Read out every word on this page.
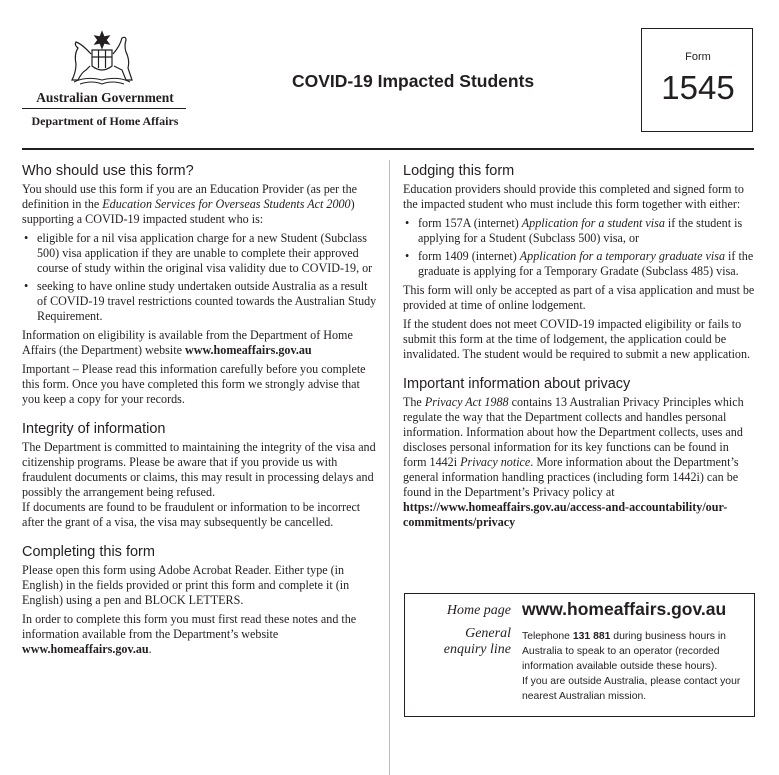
Australian Government
Department of Home Affairs
COVID-19 Impacted Students
Form
1545
Who should use this form?

You should use this form if you are an Education Provider (as per the definition in the Education Services for Overseas Students Act 2000) supporting a COVID-19 impacted student who is:

• eligible for a nil visa application charge for a new Student (Subclass 500) visa application if they are unable to complete their approved course of study within the original visa validity due to COVID-19, or
• seeking to have online study undertaken outside Australia as a result of COVID-19 travel restrictions counted towards the Australian Study Requirement.

Information on eligibility is available from the Department of Home Affairs (the Department) website www.homeaffairs.gov.au

Important – Please read this information carefully before you complete this form. Once you have completed this form we strongly advise that you keep a copy for your records.

Integrity of information

The Department is committed to maintaining the integrity of the visa and citizenship programs. Please be aware that if you provide us with fraudulent documents or claims, this may result in processing delays and possibly the arrangement being refused.

If documents are found to be fraudulent or information to be incorrect after the grant of a visa, the visa may subsequently be cancelled.

Completing this form

Please open this form using Adobe Acrobat Reader. Either type (in English) in the fields provided or print this form and complete it (in English) using a pen and BLOCK LETTERS.

In order to complete this form you must first read these notes and the information available from the Department’s website www.homeaffairs.gov.au.

Lodging this form

Education providers should provide this completed and signed form to the impacted student who must include this form together with either:

• form 157A (internet) Application for a student visa if the student is applying for a Student (Subclass 500) visa, or
• form 1409 (internet) Application for a temporary graduate visa if the graduate is applying for a Temporary Gradate (Subclass 485) visa.

This form will only be accepted as part of a visa application and must be provided at time of online lodgement.

If the student does not meet COVID-19 impacted eligibility or fails to submit this form at the time of lodgement, the application could be invalidated. The student would be required to submit a new application.

Important information about privacy

The Privacy Act 1988 contains 13 Australian Privacy Principles which regulate the way that the Department collects and handles personal information. Information about how the Department collects, uses and discloses personal information for its key functions can be found in form 1442i Privacy notice. More information about the Department’s general information handling practices (including form 1442i) can be found in the Department’s Privacy policy at https://www.homeaffairs.gov.au/access-and-accountability/our-commitments/privacy

Home page www.homeaffairs.gov.au
General
enquiry line
Telephone 131 881 during business hours in Australia to speak to an operator (recorded information available outside these hours).
If you are outside Australia, please contact your nearest Australian mission.
